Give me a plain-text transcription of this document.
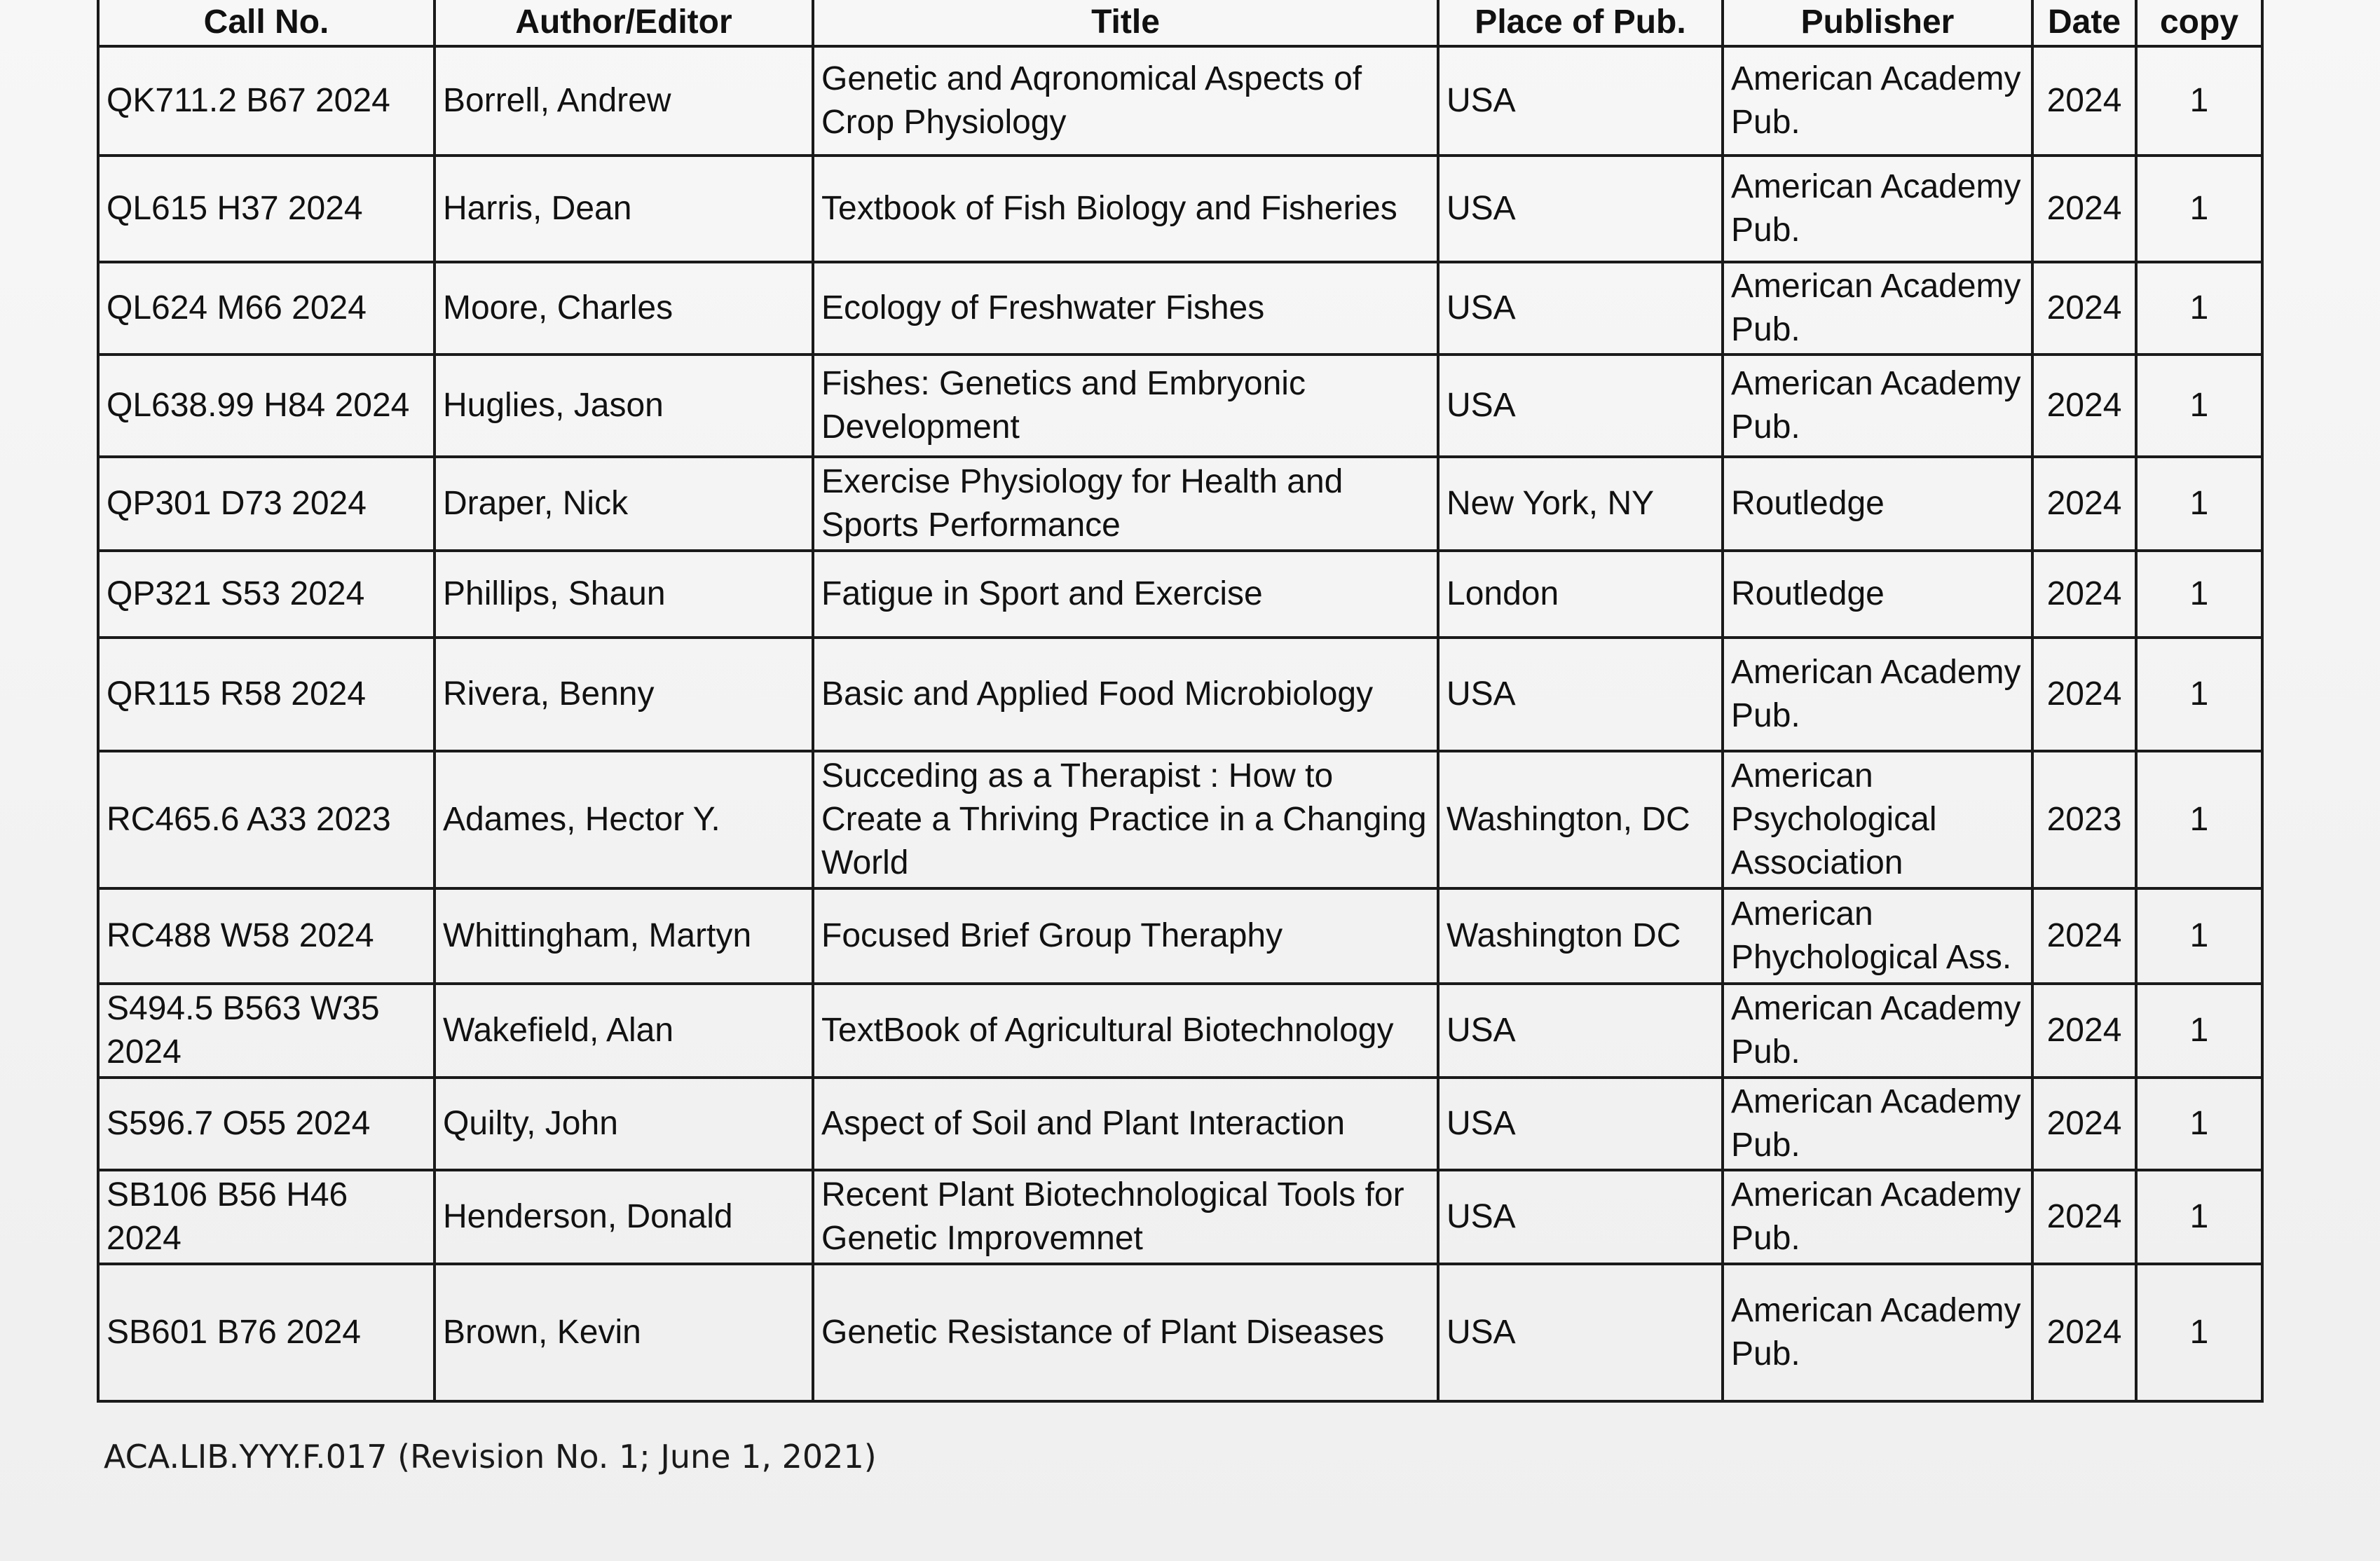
Call No.	Author/Editor	Title	Place of Pub.	Publisher	Date	copy
QK711.2 B67 2024	Borrell, Andrew	Genetic and Aqronomical Aspects of Crop Physiology	USA	American Academy Pub.	2024	1
QL615 H37 2024	Harris, Dean	Textbook of Fish Biology and Fisheries	USA	American Academy Pub.	2024	1
QL624 M66 2024	Moore, Charles	Ecology of Freshwater Fishes	USA	American Academy Pub.	2024	1
QL638.99 H84 2024	Huglies, Jason	Fishes: Genetics and Embryonic Development	USA	American Academy Pub.	2024	1
QP301 D73 2024	Draper, Nick	Exercise Physiology for Health and Sports Performance	New York, NY	Routledge	2024	1
QP321 S53 2024	Phillips, Shaun	Fatigue in Sport and Exercise	London	Routledge	2024	1
QR115 R58 2024	Rivera, Benny	Basic and Applied Food Microbiology	USA	American Academy Pub.	2024	1
RC465.6 A33 2023	Adames, Hector Y.	Succeding as a Therapist : How to Create a Thriving Practice in a Changing World	Washington, DC	American Psychological Association	2023	1
RC488 W58 2024	Whittingham, Martyn	Focused Brief Group Theraphy	Washington DC	American Phychological Ass.	2024	1
S494.5 B563 W35 2024	Wakefield, Alan	TextBook of Agricultural Biotechnology	USA	American Academy Pub.	2024	1
S596.7 O55 2024	Quilty, John	Aspect of Soil and Plant Interaction	USA	American Academy Pub.	2024	1
SB106 B56 H46 2024	Henderson, Donald	Recent Plant Biotechnological Tools for Genetic Improvemnet	USA	American Academy Pub.	2024	1
SB601 B76 2024	Brown, Kevin	Genetic Resistance of Plant Diseases	USA	American Academy Pub.	2024	1
ACA.LIB.YYY.F.017 (Revision No. 1; June 1, 2021)
